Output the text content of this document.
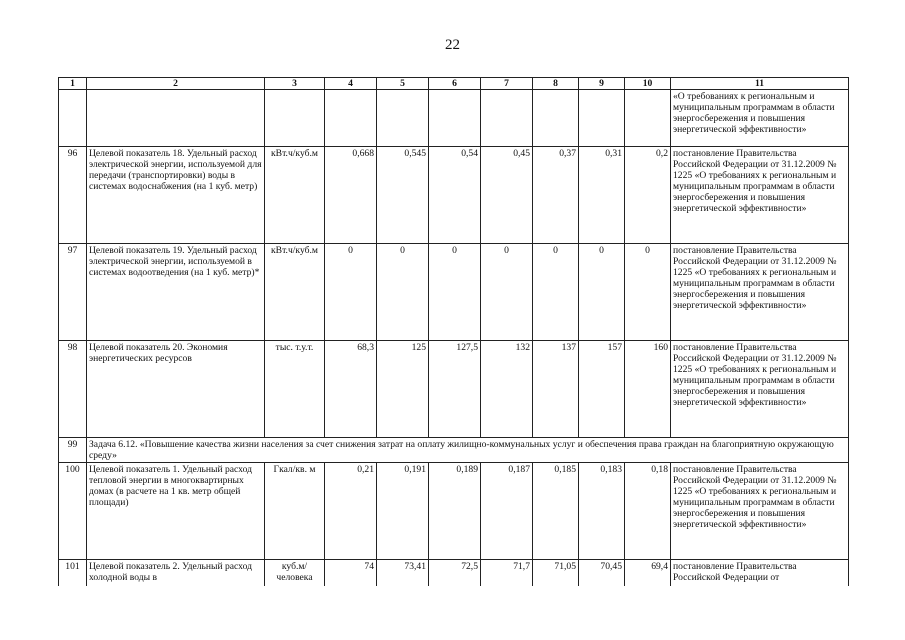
22
1	2	3	4	5	6	7	8	9	10	11
										«О требованиях к региональным и муниципальным программам в области энергосбережения и повышения энергетической эффективности»
96	Целевой показатель 18. Удельный расход электрической энергии, используемой для передачи (транспортировки) воды в системах водоснабжения (на 1 куб. метр)	кВт.ч/куб.м	0,668	0,545	0,54	0,45	0,37	0,31	0,2	постановление Правительства Российской Федерации от 31.12.2009 № 1225 «О требованиях к региональным и муниципальным программам в области энергосбережения и повышения энергетической эффективности»
97	Целевой показатель 19. Удельный расход электрической энергии, используемой в системах водоотведения (на 1 куб. метр)*	кВт.ч/куб.м	0	0	0	0	0	0	0	постановление Правительства Российской Федерации от 31.12.2009 № 1225 «О требованиях к региональным и муниципальным программам в области энергосбережения и повышения энергетической эффективности»
98	Целевой показатель 20. Экономия энергетических ресурсов	тыс. т.у.т.	68,3	125	127,5	132	137	157	160	постановление Правительства Российской Федерации от 31.12.2009 № 1225 «О требованиях к региональным и муниципальным программам в области энергосбережения и повышения энергетической эффективности»
99	Задача 6.12. «Повышение качества жизни населения за счет снижения затрат на оплату жилищно-коммунальных услуг и обеспечения права граждан на благоприятную окружающую среду»									
100	Целевой показатель 1. Удельный расход тепловой энергии в многоквартирных домах (в расчете на 1 кв. метр общей площади)	Гкал/кв. м	0,21	0,191	0,189	0,187	0,185	0,183	0,18	постановление Правительства Российской Федерации от 31.12.2009 № 1225 «О требованиях к региональным и муниципальным программам в области энергосбережения и повышения энергетической эффективности»
101	Целевой показатель 2. Удельный расход холодной воды в	куб.м/ человека	74	73,41	72,5	71,7	71,05	70,45	69,4	постановление Правительства Российской Федерации от
